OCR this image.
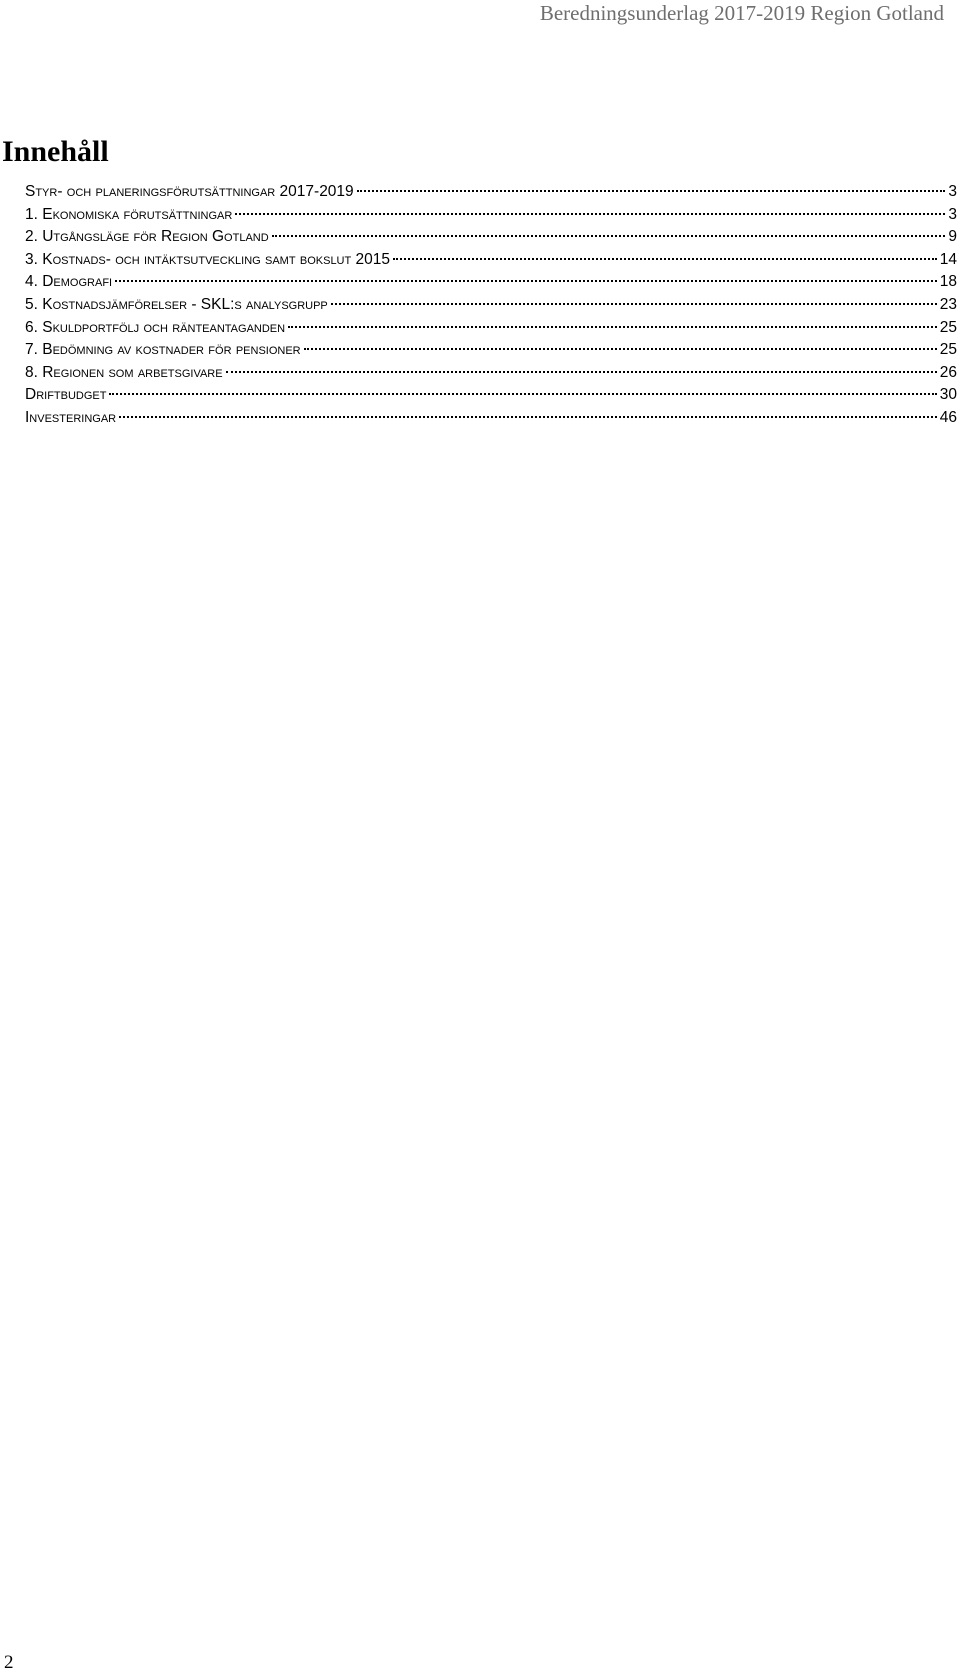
Beredningsunderlag 2017-2019 Region Gotland
Innehåll
Styr- och planeringsförutsättningar 2017-2019	3
1. Ekonomiska förutsättningar	3
2. Utgångsläge för Region Gotland	9
3. Kostnads- och intäktsutveckling samt bokslut 2015	14
4. Demografi	18
5. Kostnadsjämförelser - SKL:s analysgrupp	23
6. Skuldportfölj och ränteantaganden	25
7. Bedömning av kostnader för pensioner	25
8. Regionen som arbetsgivare	26
Driftbudget	30
Investeringar	46
2
